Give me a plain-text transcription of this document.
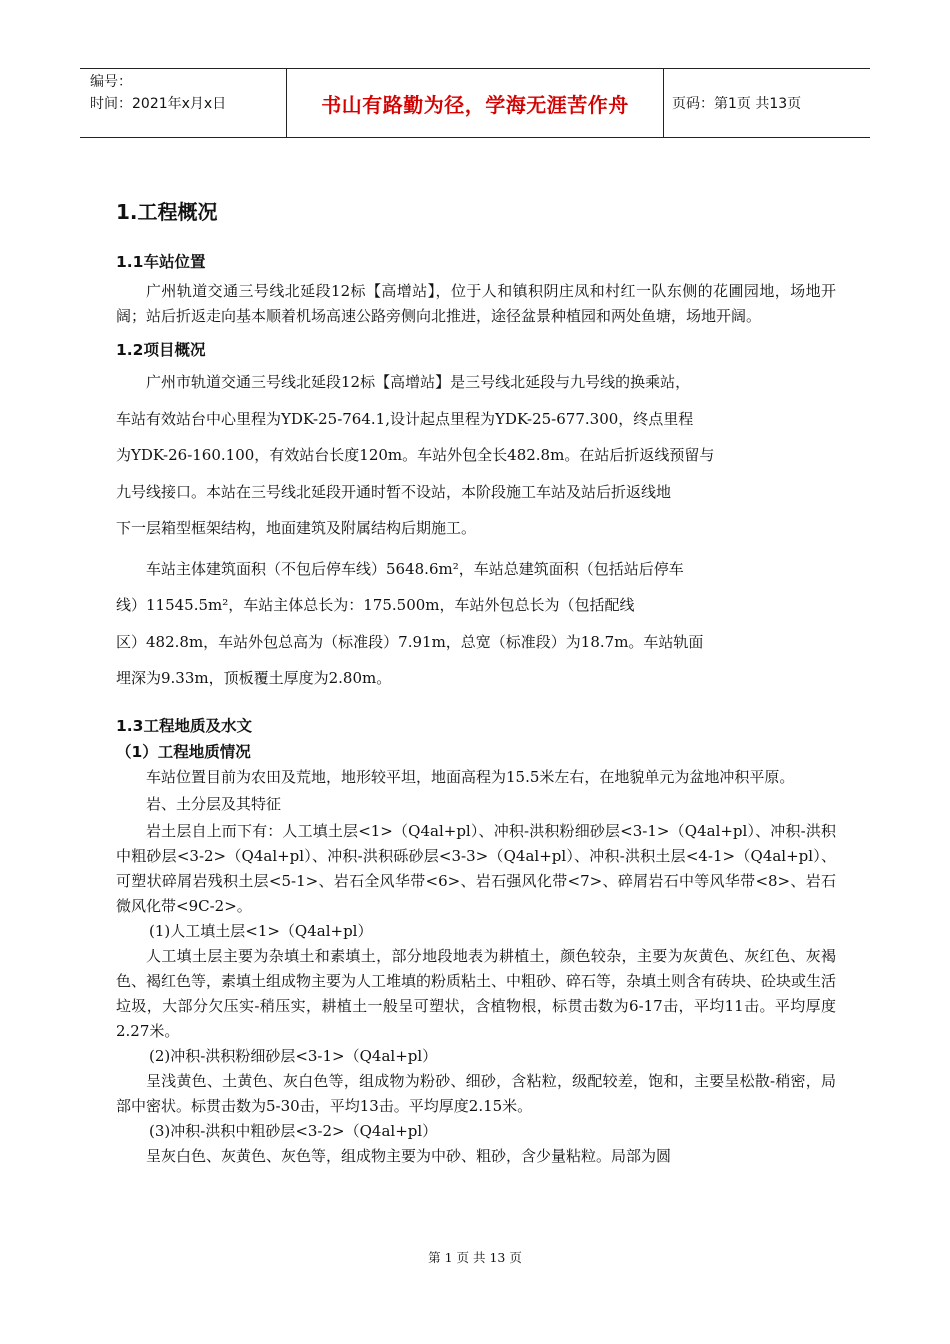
编号：
时间：2021年x月x日	书山有路勤为径，学海无涯苦作舟	页码：第1页 共13页
1.工程概况
1.1车站位置

广州轨道交通三号线北延段12标【高增站】，位于人和镇积阴庄凤和村红一队东侧的花圃园地，场地开阔；站后折返走向基本顺着机场高速公路旁侧向北推进，途径盆景种植园和两处鱼塘，场地开阔。

1.2项目概况
广州市轨道交通三号线北延段12标【高增站】是三号线北延段与九号线的换乘站，
车站有效站台中心里程为YDK-25-764.1,设计起点里程为YDK-25-677.300，终点里程
为YDK-26-160.100，有效站台长度120m。车站外包全长482.8m。在站后折返线预留与
九号线接口。本站在三号线北延段开通时暂不设站，本阶段施工车站及站后折返线地
下一层箱型框架结构，地面建筑及附属结构后期施工。
车站主体建筑面积（不包后停车线）5648.6m²，车站总建筑面积（包括站后停车
线）11545.5m²，车站主体总长为：175.500m，车站外包总长为（包括配线
区）482.8m，车站外包总高为（标准段）7.91m，总宽（标准段）为18.7m。车站轨面
埋深为9.33m，顶板覆土厚度为2.80m。
1.3工程地质及水文
（1）工程地质情况

车站位置目前为农田及荒地，地形较平坦，地面高程为15.5米左右，在地貌单元为盆地冲积平原。

岩、土分层及其特征

岩土层自上而下有：人工填土层<1>（Q4al+pl）、冲积-洪积粉细砂层<3-1>（Q4al+pl）、冲积-洪积中粗砂层<3-2>（Q4al+pl）、冲积-洪积砾砂层<3-3>（Q4al+pl）、冲积-洪积土层<4-1>（Q4al+pl）、可塑状碎屑岩残积土层<5-1>、岩石全风华带<6>、岩石强风化带<7>、碎屑岩石中等风华带<8>、岩石微风化带<9C-2>。

(1)人工填土层<1>（Q4al+pl）

人工填土层主要为杂填土和素填土，部分地段地表为耕植土，颜色较杂，主要为灰黄色、灰红色、灰褐色、褐红色等，素填土组成物主要为人工堆填的粉质粘土、中粗砂、碎石等，杂填土则含有砖块、砼块或生活垃圾，大部分欠压实-稍压实，耕植土一般呈可塑状，含植物根，标贯击数为6-17击，平均11击。平均厚度2.27米。

(2)冲积-洪积粉细砂层<3-1>（Q4al+pl）

呈浅黄色、土黄色、灰白色等，组成物为粉砂、细砂，含粘粒，级配较差，饱和，主要呈松散-稍密，局部中密状。标贯击数为5-30击，平均13击。平均厚度2.15米。

(3)冲积-洪积中粗砂层<3-2>（Q4al+pl）

呈灰白色、灰黄色、灰色等，组成物主要为中砂、粗砂，含少量粘粒。局部为圆

第 1 页 共 13 页
